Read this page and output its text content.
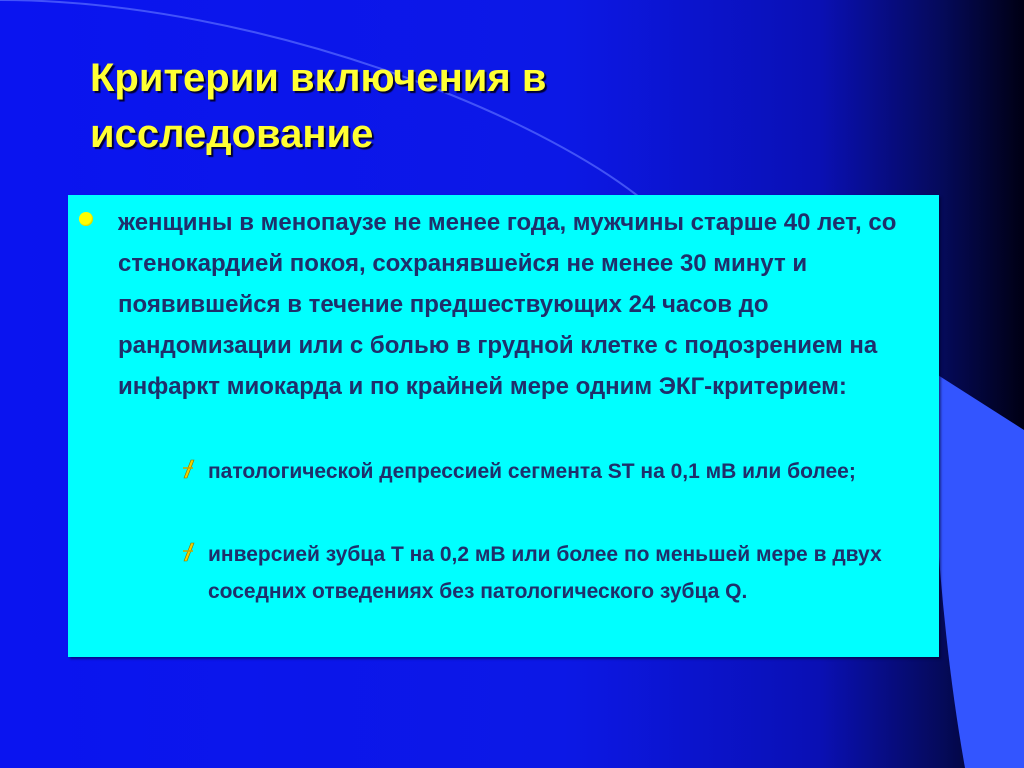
Критерии включения в исследование

женщины в менопаузе не менее года, мужчины старше 40 лет, со стенокардией покоя, сохранявшейся не менее 30 минут и появившейся в течение предшествующих 24 часов до рандомизации или с болью в грудной клетке с подозрением на инфаркт миокарда и по крайней мере одним ЭКГ-критерием:

патологической депрессией сегмента ST на 0,1 мВ или более;

инверсией зубца T на 0,2 мВ или более по меньшей мере в двух соседних отведениях без патологического зубца Q.
